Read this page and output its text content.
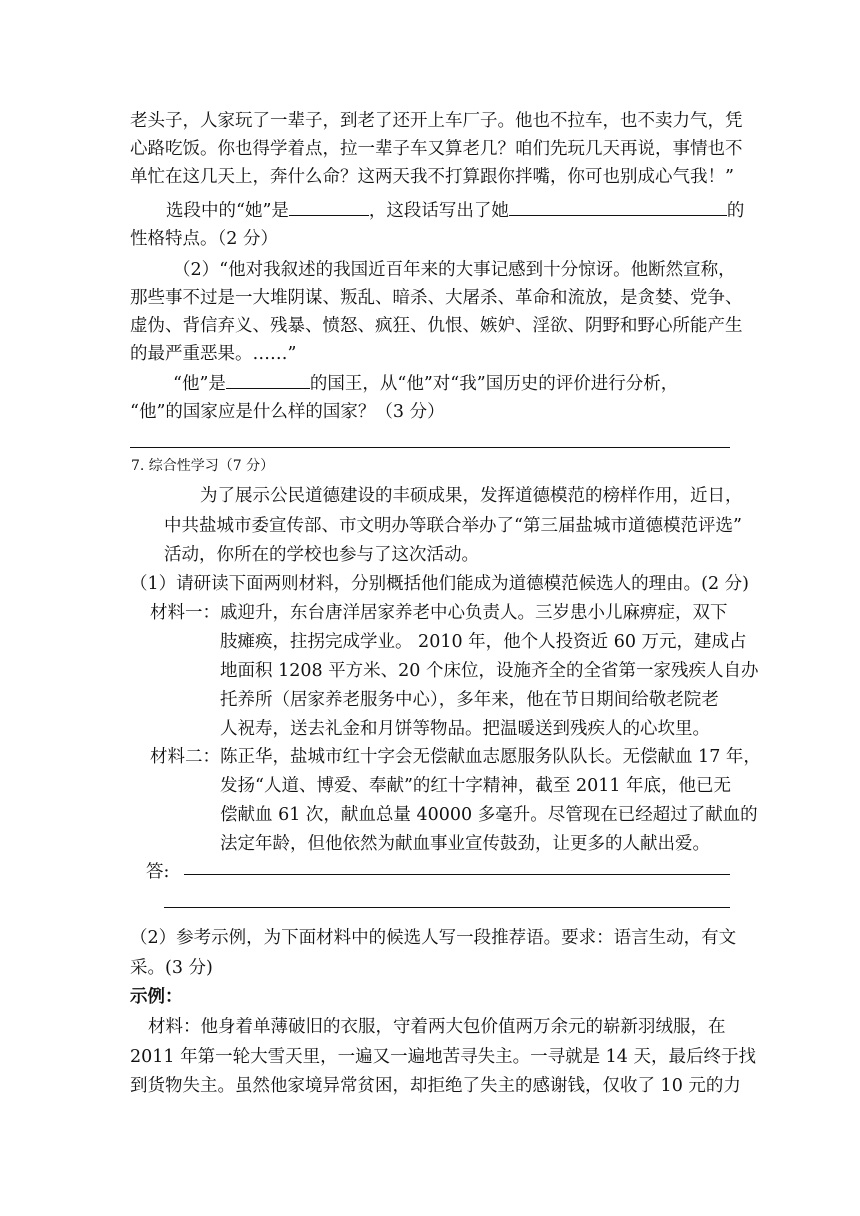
老头子，人家玩了一辈子，到老了还开上车厂子。他也不拉车，也不卖力气，凭
心路吃饭。你也得学着点，拉一辈子车又算老几？咱们先玩几天再说，事情也不
单忙在这几天上，奔什么命？这两天我不打算跟你拌嘴，你可也别成心气我！”
选段中的“她”是	，这段话写出了她	的
性格特点。（2 分）
（2）“他对我叙述的我国近百年来的大事记感到十分惊讶。他断然宣称，
那些事不过是一大堆阴谋、叛乱、暗杀、大屠杀、革命和流放，是贪婪、党争、
虚伪、背信弃义、残暴、愤怒、疯狂、仇恨、嫉妒、淫欲、阴野和野心所能产生
的最严重恶果。……”
“他”是	的国王，从“他”对“我”国历史的评价进行分析，
“他”的国家应是什么样的国家？（3 分）
7. 综合性学习（7 分）
为了展示公民道德建设的丰硕成果，发挥道德模范的榜样作用，近日，
中共盐城市委宣传部、市文明办等联合举办了“第三届盐城市道德模范评选”
活动，你所在的学校也参与了这次活动。
（1）请研读下面两则材料，分别概括他们能成为道德模范候选人的理由。(2 分)
材料一： 戚迎升，东台唐洋居家养老中心负责人。三岁患小儿麻痹症，双下
肢瘫痪，拄拐完成学业。 2010 年，他个人投资近 60 万元，建成占
地面积 1208 平方米、20 个床位，设施齐全的全省第一家残疾人自办
托养所（居家养老服务中心），多年来，他在节日期间给敬老院老
人祝寿，送去礼金和月饼等物品。把温暖送到残疾人的心坎里。
材料二： 陈正华，盐城市红十字会无偿献血志愿服务队队长。无偿献血 17 年，
发扬“人道、博爱、奉献”的红十字精神，截至 2011 年底，他已无
偿献血 61 次，献血总量 40000 多毫升。尽管现在已经超过了献血的
法定年龄，但他依然为献血事业宣传鼓劲，让更多的人献出爱。
答:
（2）参考示例，为下面材料中的候选人写一段推荐语。要求：语言生动，有文
采。(3 分)
示例：
材料：他身着单薄破旧的衣服，守着两大包价值两万余元的崭新羽绒服，在
2011 年第一轮大雪天里，一遍又一遍地苦寻失主。一寻就是 14 天，最后终于找
到货物失主。虽然他家境异常贫困，却拒绝了失主的感谢钱，仅收了 10 元的力
